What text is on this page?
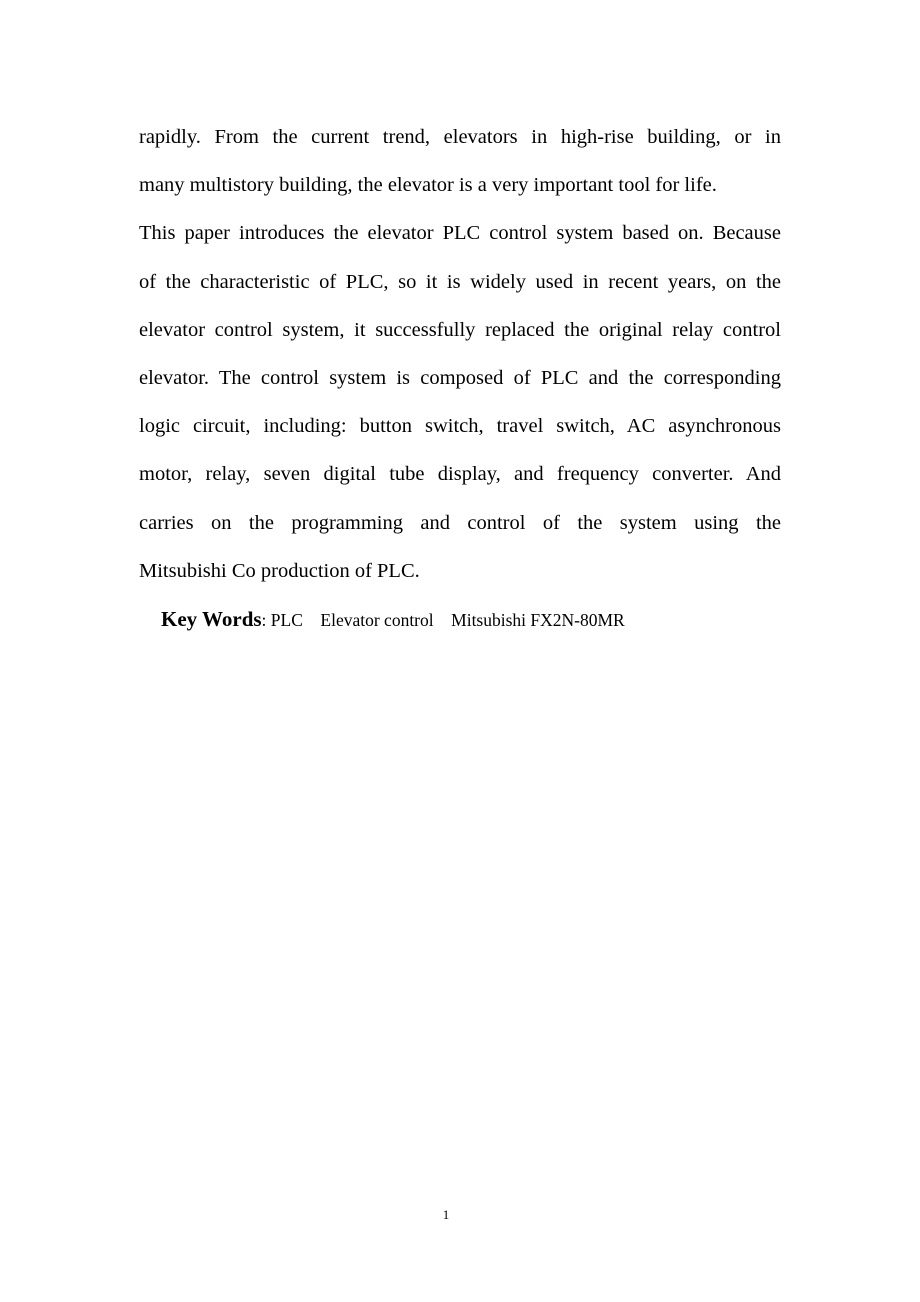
rapidly. From the current trend, elevators in high-rise building, or in
many multistory building, the elevator is a very important tool for life.
This paper introduces the elevator PLC control system based on. Because
of the characteristic of PLC, so it is widely used in recent years, on the
elevator control system, it successfully replaced the original relay control
elevator. The control system is composed of PLC and the corresponding
logic circuit, including: button switch, travel switch, AC asynchronous
motor, relay, seven digital tube display, and frequency converter. And
carries on the programming and control of the system using the
Mitsubishi Co production of PLC.
Key Words: PLC Elevator control Mitsubishi FX2N-80MR
1
